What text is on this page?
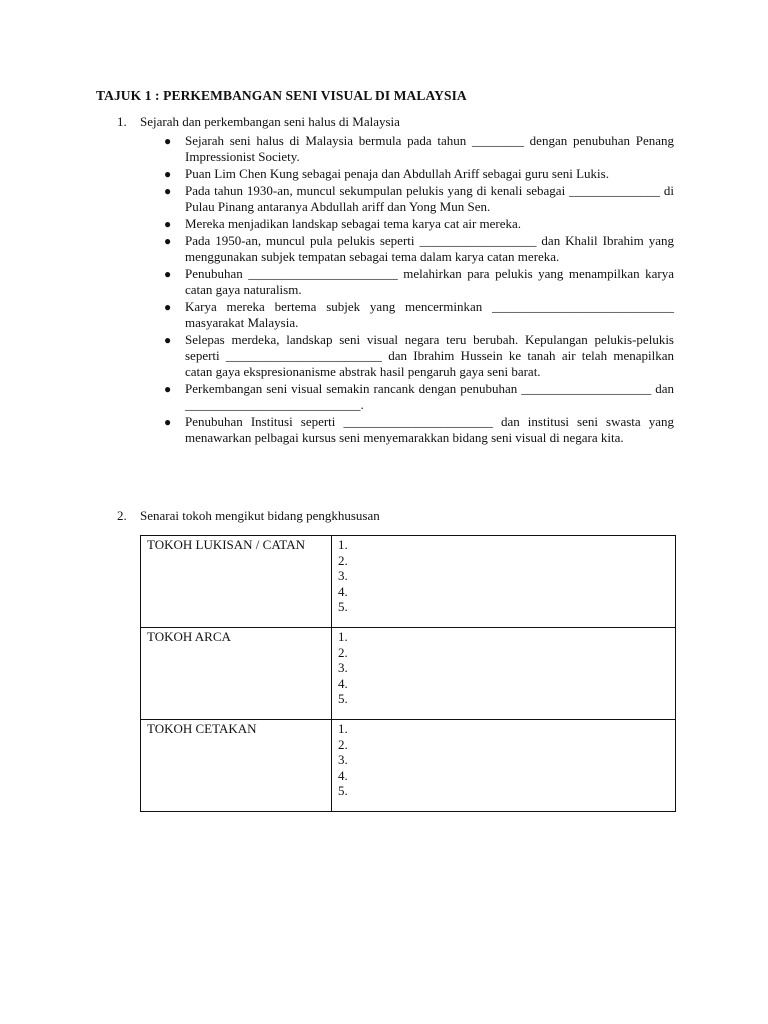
TAJUK 1 : PERKEMBANGAN SENI VISUAL DI MALAYSIA
1. Sejarah dan perkembangan seni halus di Malaysia
● Sejarah seni halus di Malaysia bermula pada tahun ________ dengan penubuhan Penang Impressionist Society.
● Puan Lim Chen Kung sebagai penaja dan Abdullah Ariff sebagai guru seni Lukis.
● Pada tahun 1930-an, muncul sekumpulan pelukis yang di kenali sebagai ______________ di Pulau Pinang antaranya Abdullah ariff dan Yong Mun Sen.
● Mereka menjadikan landskap sebagai tema karya cat air mereka.
● Pada 1950-an, muncul pula pelukis seperti __________________ dan Khalil Ibrahim yang menggunakan subjek tempatan sebagai tema dalam karya catan mereka.
● Penubuhan _______________________ melahirkan para pelukis yang menampilkan karya catan gaya naturalism.
● Karya mereka bertema subjek yang mencerminkan ____________________________ masyarakat Malaysia.
● Selepas merdeka, landskap seni visual negara teru berubah. Kepulangan pelukis-pelukis seperti ________________________ dan Ibrahim Hussein ke tanah air telah menapilkan catan gaya ekspresionanisme abstrak hasil pengaruh gaya seni barat.
● Perkembangan seni visual semakin rancank dengan penubuhan ____________________ dan ___________________________.
● Penubuhan Institusi seperti _______________________ dan institusi seni swasta yang menawarkan pelbagai kursus seni menyemarakkan bidang seni visual di negara kita.
2. Senarai tokoh mengikut bidang pengkhususan
TOKOH LUKISAN / CATAN	1.
2.
3.
4.
5.

TOKOH ARCA	1.
2.
3.
4.
5.

TOKOH CETAKAN	1.
2.
3.
4.
5.
